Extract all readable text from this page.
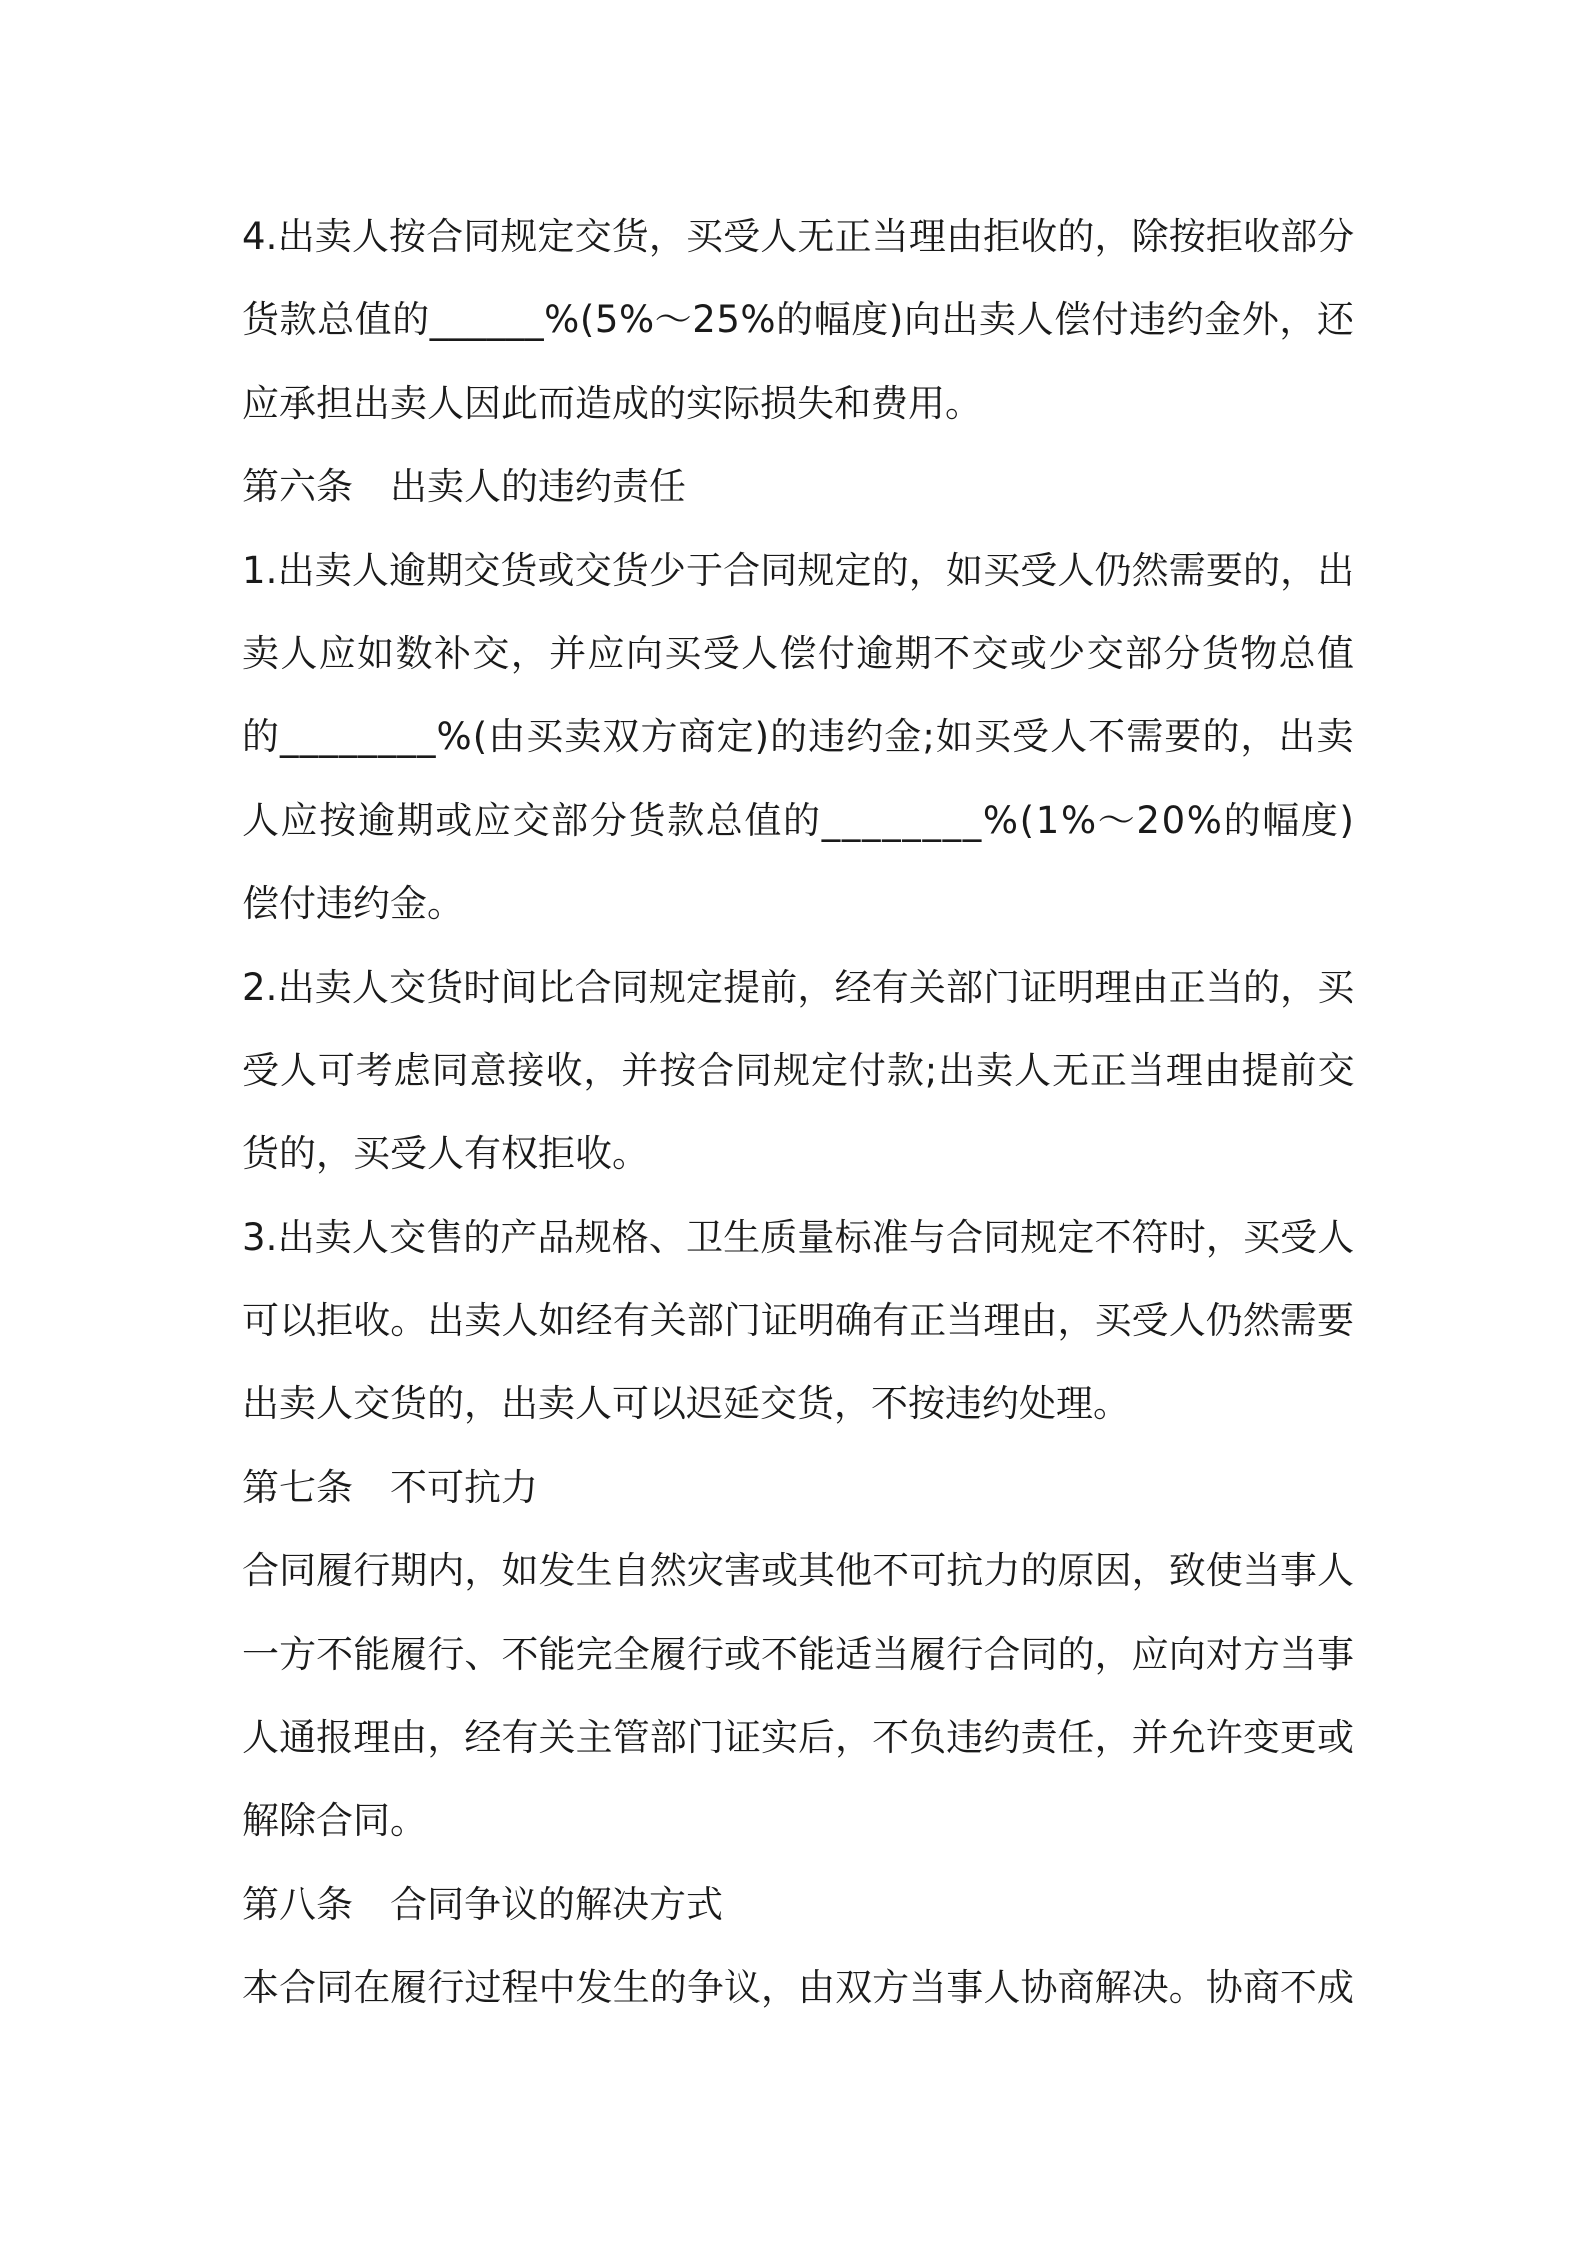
4.出卖人按合同规定交货，买受人无正当理由拒收的，除按拒收部分
货款总值的______%(5%～25%的幅度)向出卖人偿付违约金外，还
应承担出卖人因此而造成的实际损失和费用。
第六条　出卖人的违约责任
1.出卖人逾期交货或交货少于合同规定的，如买受人仍然需要的，出
卖人应如数补交，并应向买受人偿付逾期不交或少交部分货物总值
的________%(由买卖双方商定)的违约金;如买受人不需要的，出卖
人应按逾期或应交部分货款总值的________%(1%～20%的幅度)
偿付违约金。
2.出卖人交货时间比合同规定提前，经有关部门证明理由正当的，买
受人可考虑同意接收，并按合同规定付款;出卖人无正当理由提前交
货的，买受人有权拒收。
3.出卖人交售的产品规格、卫生质量标准与合同规定不符时，买受人
可以拒收。出卖人如经有关部门证明确有正当理由，买受人仍然需要
出卖人交货的，出卖人可以迟延交货，不按违约处理。
第七条　不可抗力
合同履行期内，如发生自然灾害或其他不可抗力的原因，致使当事人
一方不能履行、不能完全履行或不能适当履行合同的，应向对方当事
人通报理由，经有关主管部门证实后，不负违约责任，并允许变更或
解除合同。
第八条　合同争议的解决方式
本合同在履行过程中发生的争议，由双方当事人协商解决。协商不成
